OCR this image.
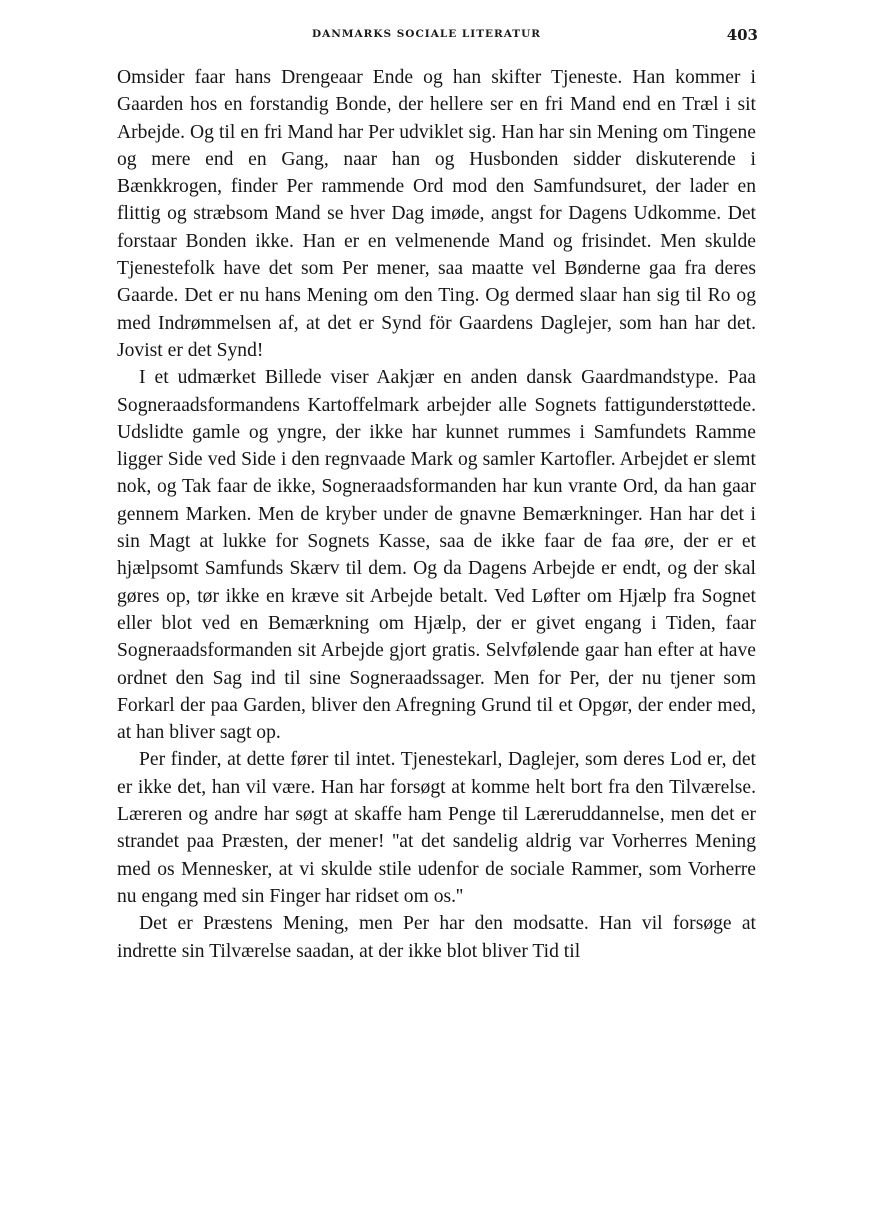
DANMARKS SOCIALE LITERATUR	403

Omsider faar hans Drengeaar Ende og han skifter Tjeneste. Han kommer i Gaarden hos en forstandig Bonde, der hellere ser en fri Mand end en Træl i sit Arbejde. Og til en fri Mand har Per udviklet sig. Han har sin Mening om Tingene og mere end en Gang, naar han og Husbonden sidder diskuterende i Bænkkrogen, finder Per rammende Ord mod den Samfundsuret, der lader en flittig og stræbsom Mand se hver Dag imøde, angst for Dagens Udkomme. Det forstaar Bonden ikke. Han er en velmenende Mand og frisindet. Men skulde Tjenestefolk have det som Per mener, saa maatte vel Bønderne gaa fra deres Gaarde. Det er nu hans Mening om den Ting. Og dermed slaar han sig til Ro og med Indrømmelsen af, at det er Synd för Gaardens Daglejer, som han har det. Jovist er det Synd!

I et udmærket Billede viser Aakjær en anden dansk Gaardmandstype. Paa Sogneraadsformandens Kartoffelmark arbejder alle Sognets fattigunderstøttede. Udslidte gamle og yngre, der ikke har kunnet rummes i Samfundets Ramme ligger Side ved Side i den regnvaade Mark og samler Kartofler. Arbejdet er slemt nok, og Tak faar de ikke, Sogneraadsformanden har kun vrante Ord, da han gaar gennem Marken. Men de kryber under de gnavne Bemærkninger. Han har det i sin Magt at lukke for Sognets Kasse, saa de ikke faar de faa øre, der er et hjælpsomt Samfunds Skærv til dem. Og da Dagens Arbejde er endt, og der skal gøres op, tør ikke en kræve sit Arbejde betalt. Ved Løfter om Hjælp fra Sognet eller blot ved en Bemærkning om Hjælp, der er givet engang i Tiden, faar Sogneraadsformanden sit Arbejde gjort gratis. Selvfølende gaar han efter at have ordnet den Sag ind til sine Sogneraadssager. Men for Per, der nu tjener som Forkarl der paa Garden, bliver den Afregning Grund til et Opgør, der ender med, at han bliver sagt op.

Per finder, at dette fører til intet. Tjenestekarl, Daglejer, som deres Lod er, det er ikke det, han vil være. Han har forsøgt at komme helt bort fra den Tilværelse. Læreren og andre har søgt at skaffe ham Penge til Læreruddannelse, men det er strandet paa Præsten, der mener! ''at det sandelig aldrig var Vorherres Mening med os Mennesker, at vi skulde stile udenfor de sociale Rammer, som Vorherre nu engang med sin Finger har ridset om os.''

Det er Præstens Mening, men Per har den modsatte. Han vil forsøge at indrette sin Tilværelse saadan, at der ikke blot bliver Tid til
